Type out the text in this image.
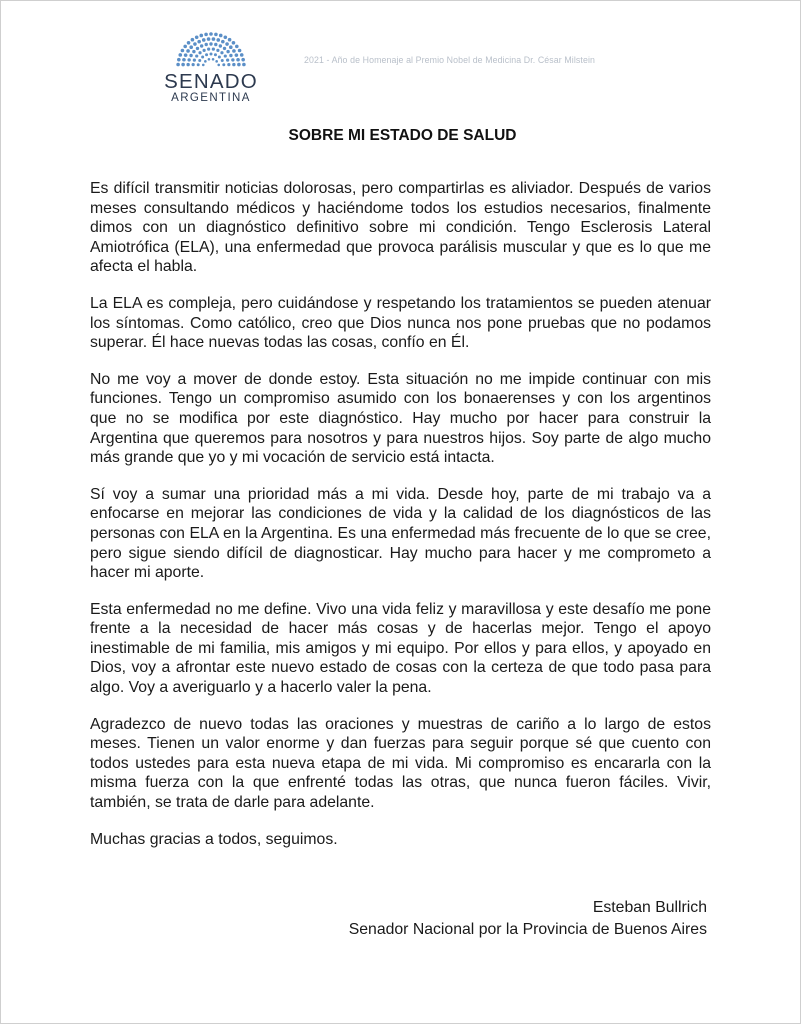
SENADO
ARGENTINA
2021 - Año de Homenaje al Premio Nobel de Medicina Dr. César Milstein
SOBRE MI ESTADO DE SALUD

Es difícil transmitir noticias dolorosas, pero compartirlas es aliviador. Después de varios meses consultando médicos y haciéndome todos los estudios necesarios, finalmente dimos con un diagnóstico definitivo sobre mi condición. Tengo Esclerosis Lateral Amiotrófica (ELA), una enfermedad que provoca parálisis muscular y que es lo que me afecta el habla.

La ELA es compleja, pero cuidándose y respetando los tratamientos se pueden atenuar los síntomas. Como católico, creo que Dios nunca nos pone pruebas que no podamos superar. Él hace nuevas todas las cosas, confío en Él.

No me voy a mover de donde estoy. Esta situación no me impide continuar con mis funciones. Tengo un compromiso asumido con los bonaerenses y con los argentinos que no se modifica por este diagnóstico. Hay mucho por hacer para construir la Argentina que queremos para nosotros y para nuestros hijos. Soy parte de algo mucho más grande que yo y mi vocación de servicio está intacta.

Sí voy a sumar una prioridad más a mi vida. Desde hoy, parte de mi trabajo va a enfocarse en mejorar las condiciones de vida y la calidad de los diagnósticos de las personas con ELA en la Argentina. Es una enfermedad más frecuente de lo que se cree, pero sigue siendo difícil de diagnosticar. Hay mucho para hacer y me comprometo a hacer mi aporte.

Esta enfermedad no me define. Vivo una vida feliz y maravillosa y este desafío me pone frente a la necesidad de hacer más cosas y de hacerlas mejor. Tengo el apoyo inestimable de mi familia, mis amigos y mi equipo. Por ellos y para ellos, y apoyado en Dios, voy a afrontar este nuevo estado de cosas con la certeza de que todo pasa para algo. Voy a averiguarlo y a hacerlo valer la pena.

Agradezco de nuevo todas las oraciones y muestras de cariño a lo largo de estos meses. Tienen un valor enorme y dan fuerzas para seguir porque sé que cuento con todos ustedes para esta nueva etapa de mi vida. Mi compromiso es encararla con la misma fuerza con la que enfrenté todas las otras, que nunca fueron fáciles. Vivir, también, se trata de darle para adelante.

Muchas gracias a todos, seguimos.

Esteban Bullrich
Senador Nacional por la Provincia de Buenos Aires
